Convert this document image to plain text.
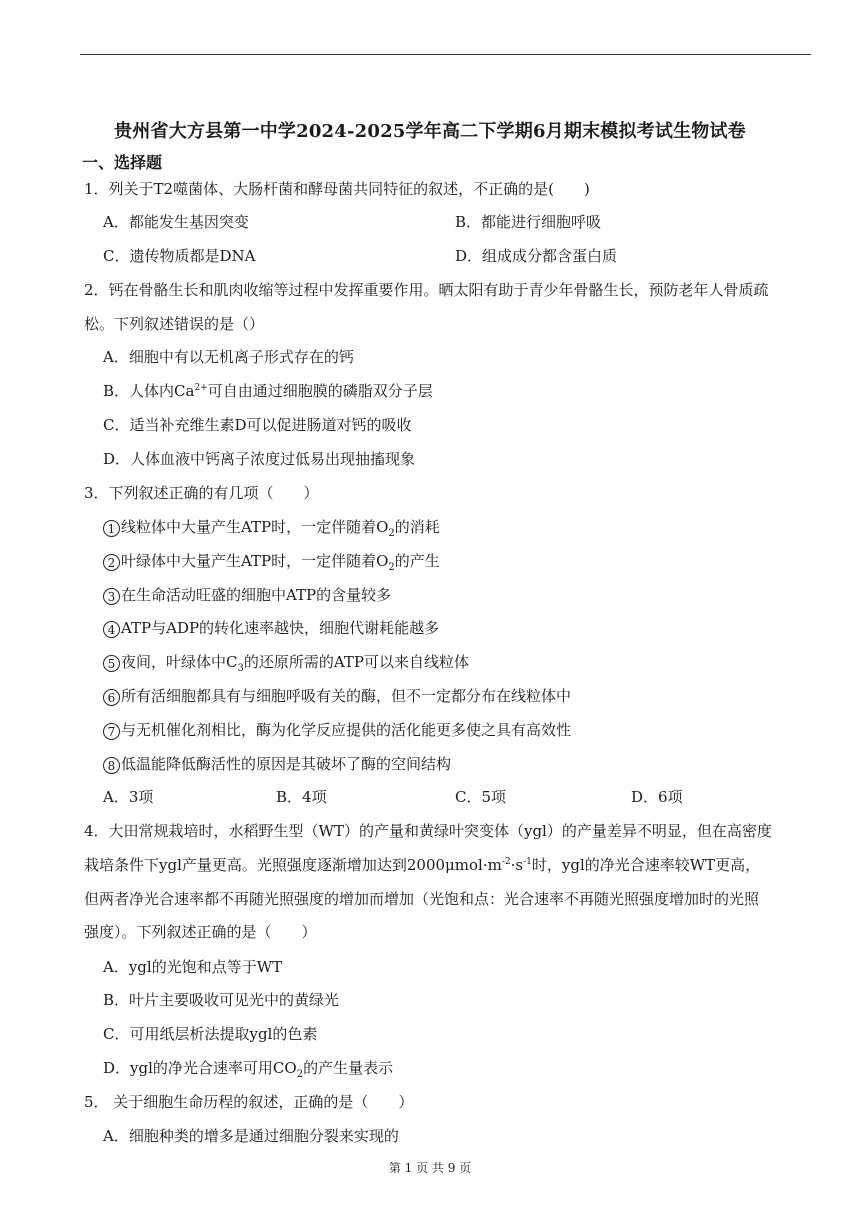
贵州省大方县第一中学2024-2025学年高二下学期6月期末模拟考试生物试卷
一、选择题
1．列关于T2噬菌体、大肠杆菌和酵母菌共同特征的叙述，不正确的是(　　)
A．都能发生基因突变	B．都能进行细胞呼吸
C．遗传物质都是DNA	D．组成成分都含蛋白质
2．钙在骨骼生长和肌肉收缩等过程中发挥重要作用。晒太阳有助于青少年骨骼生长，预防老年人骨质疏
松。下列叙述错误的是（）
A．细胞中有以无机离子形式存在的钙
B．人体内$Ca^{2+}$可自由通过细胞膜的磷脂双分子层
C．适当补充维生素D可以促进肠道对钙的吸收
D．人体血液中钙离子浓度过低易出现抽搐现象
3．下列叙述正确的有几项（　　）
1 线粒体中大量产生ATP时，一定伴随着$O_2$的消耗
2 叶绿体中大量产生ATP时，一定伴随着$O_2$的产生
3 在生命活动旺盛的细胞中ATP的含量较多
4 ATP与ADP的转化速率越快，细胞代谢耗能越多
5 夜间，叶绿体中$C_3$的还原所需的ATP可以来自线粒体
6 所有活细胞都具有与细胞呼吸有关的酶，但不一定都分布在线粒体中
7 与无机催化剂相比，酶为化学反应提供的活化能更多使之具有高效性
8 低温能降低酶活性的原因是其破坏了酶的空间结构
A．3项	B．4项	C．5项	D．6项
4．大田常规栽培时，水稻野生型（WT）的产量和黄绿叶突变体（ygl）的产量差异不明显，但在高密度
栽培条件下ygl产量更高。光照强度逐渐增加达到$2000\mu mol\cdot m^{-2}\cdot s^{-1}$时，ygl的净光合速率较WT更高，
但两者净光合速率都不再随光照强度的增加而增加（光饱和点：光合速率不再随光照强度增加时的光照
强度）。下列叙述正确的是（　　）
A．ygl的光饱和点等于WT
B．叶片主要吸收可见光中的黄绿光
C．可用纸层析法提取ygl的色素
D．ygl的净光合速率可用$CO_2$的产生量表示
5． 关于细胞生命历程的叙述，正确的是（　　）
A．细胞种类的增多是通过细胞分裂来实现的
第 1 页 共 9 页
